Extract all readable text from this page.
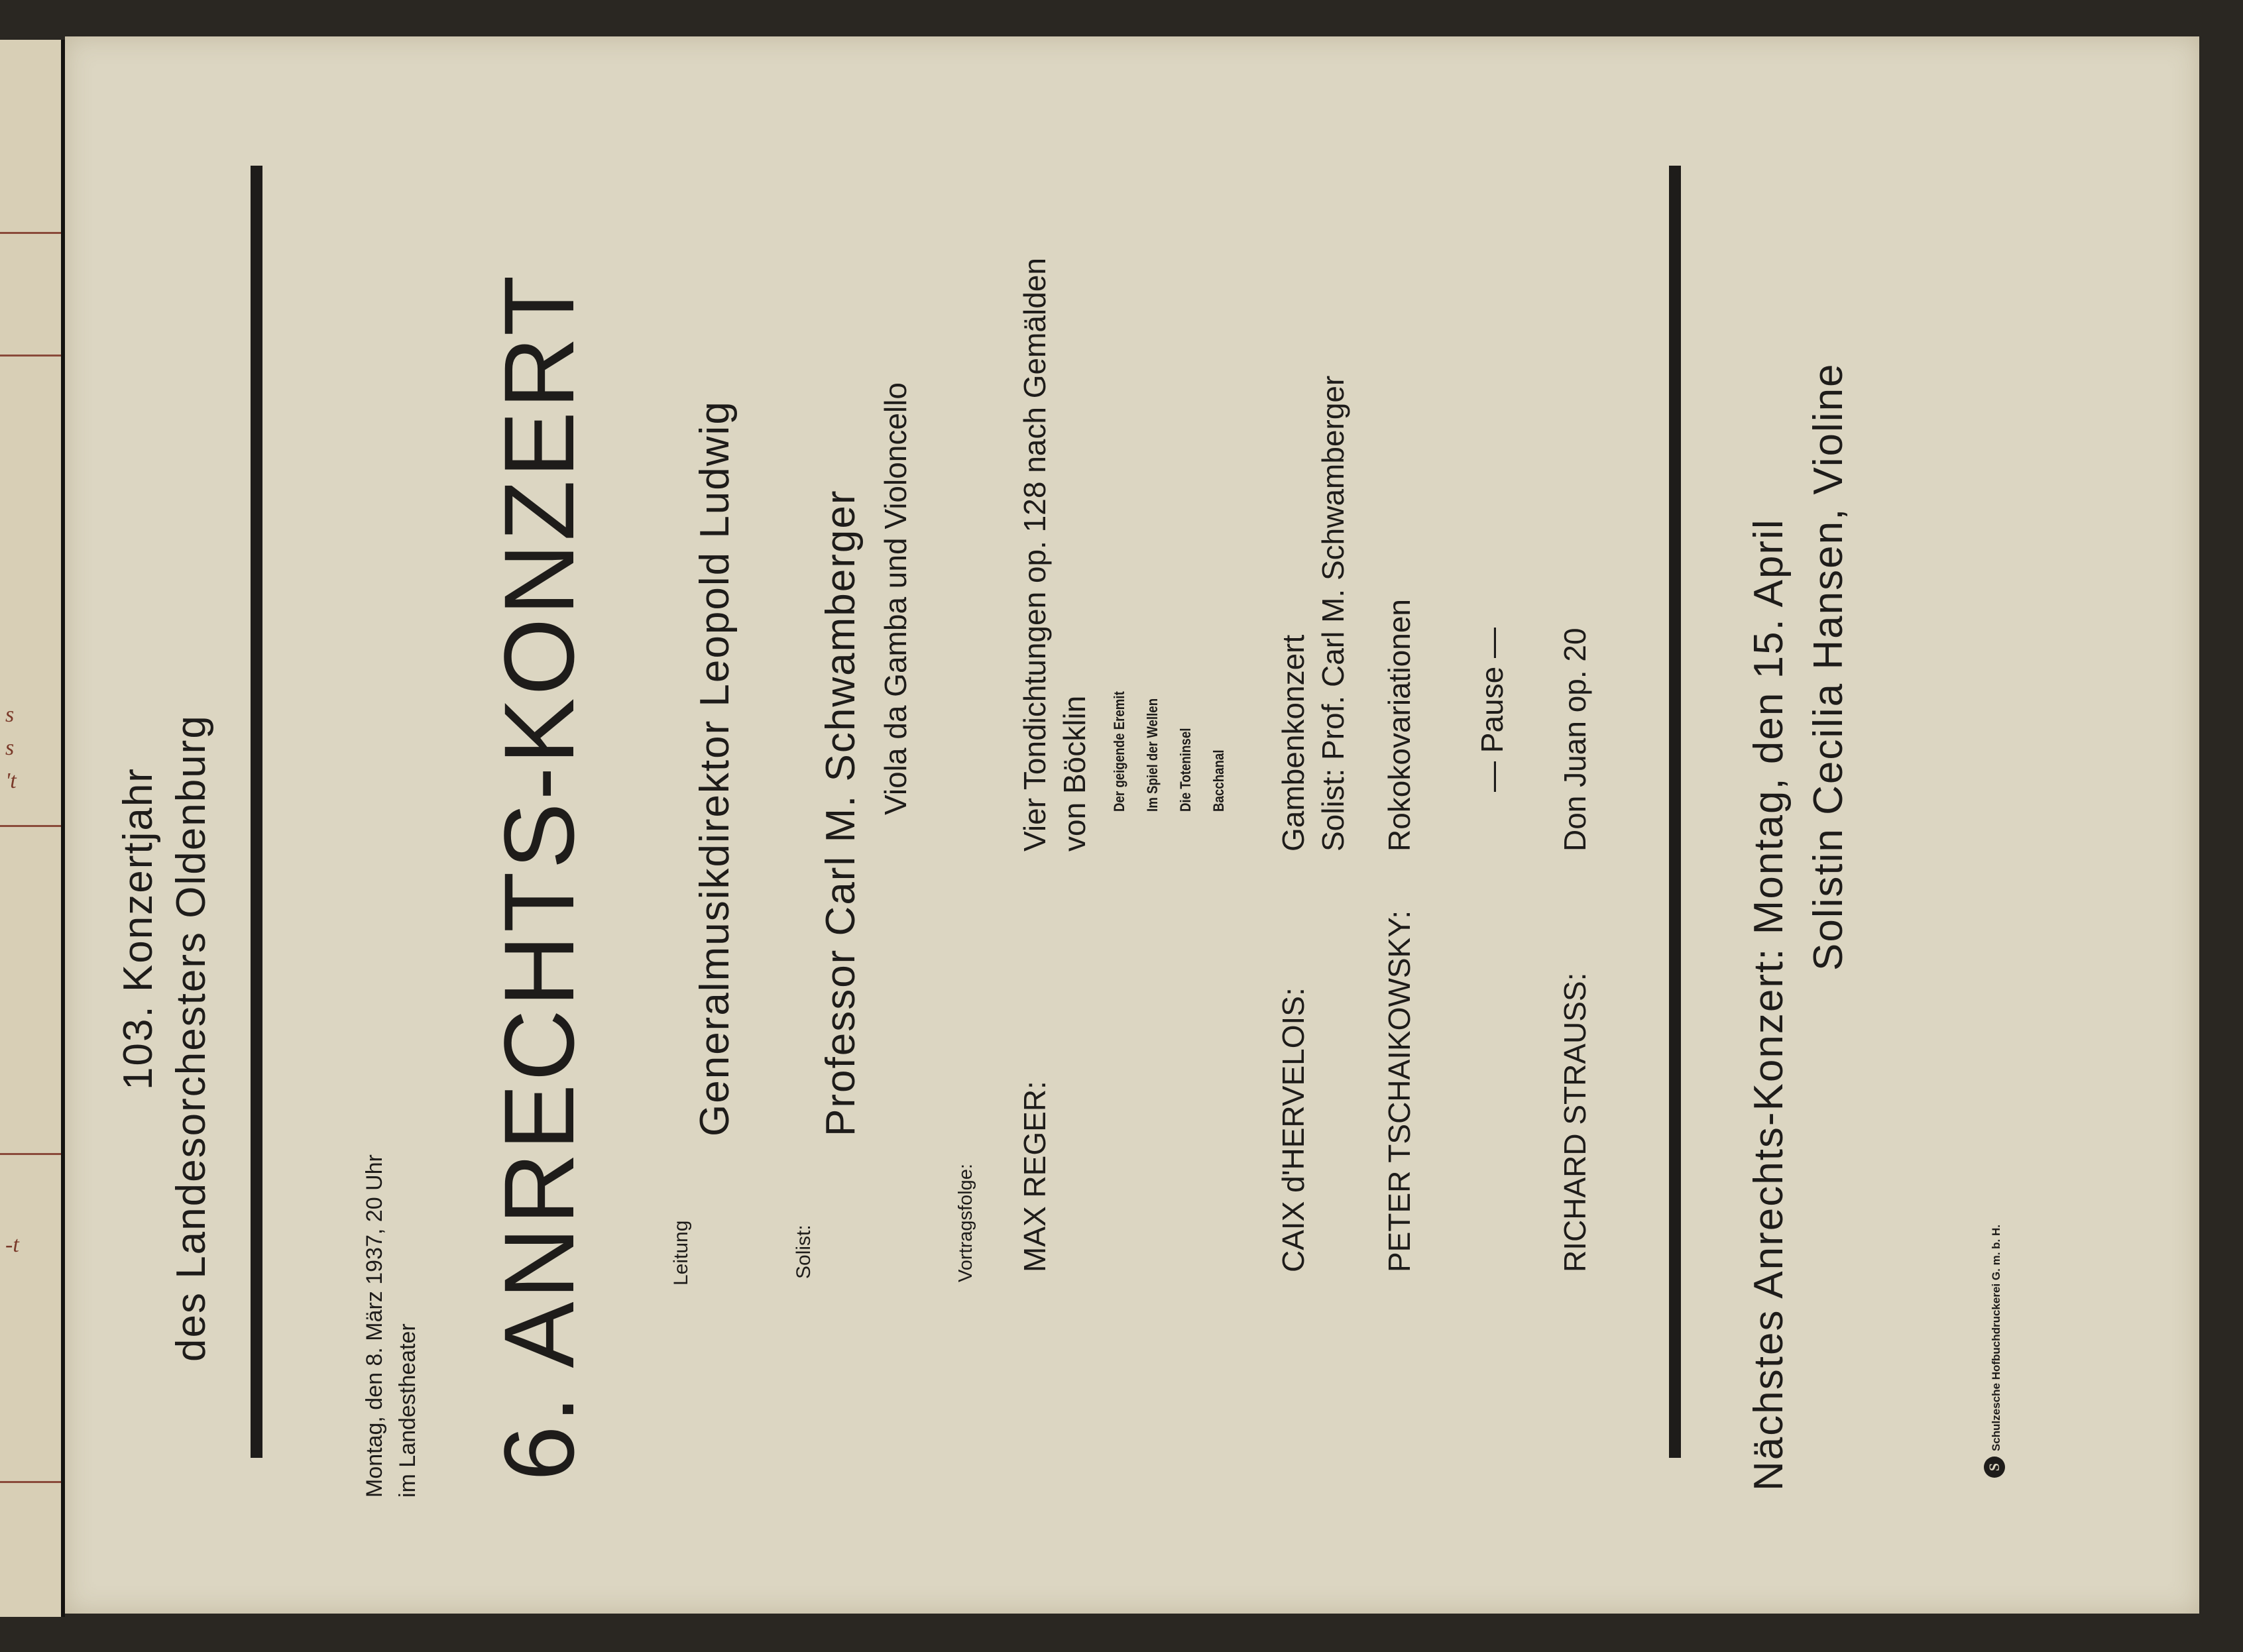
s
s
't
-t	Montag, den 8. März 1937, 20 Uhr im Landestheater
103. Konzertjahr des Landesorchesters Oldenburg	6. ANRECHTS-KONZERT	Leitung
Generalmusikdirektor Leopold Ludwig
Solist:
Professor Carl M. Schwamberger Viola da Gamba und Violoncello
Vortragsfolge: MAX REGER:
Vier Tondichtungen op. 128 nach Gemälden von Böcklin Der geigende Eremit Im Spiel der Wellen Die Toteninsel Bacchanal
CAIX d'HERVELOIS:
Gambenkonzert Solist: Prof. Carl M. Schwamberger
PETER TSCHAIKOWSKY:
Rokokovariationen — Pause —
RICHARD STRAUSS:
Don Juan op. 20	Nächstes Anrechts-Konzert: Montag, den 15. April Solistin Cecilia Hansen, Violine
S
Schulzesche Hofbuchdruckerei G. m. b. H.
